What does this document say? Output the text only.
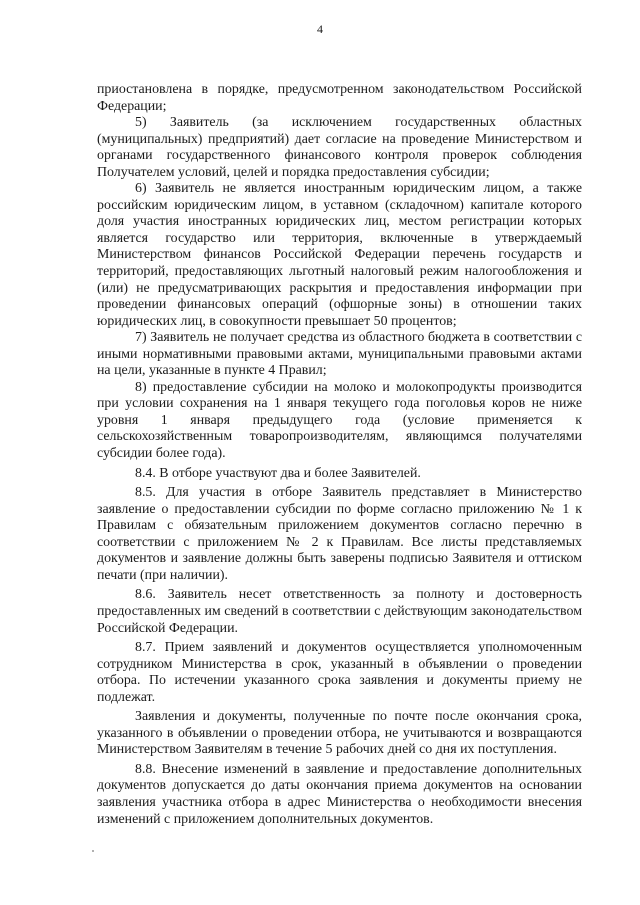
4

приостановлена в порядке, предусмотренном законодательством Российской Федерации;

5) Заявитель (за исключением государственных областных (муниципальных) предприятий) дает согласие на проведение Министерством и органами государственного финансового контроля проверок соблюдения Получателем условий, целей и порядка предоставления субсидии;

6) Заявитель не является иностранным юридическим лицом, а также российским юридическим лицом, в уставном (складочном) капитале которого доля участия иностранных юридических лиц, местом регистрации которых является государство или территория, включенные в утверждаемый Министерством финансов Российской Федерации перечень государств и территорий, предоставляющих льготный налоговый режим налогообложения и (или) не предусматривающих раскрытия и предоставления информации при проведении финансовых операций (офшорные зоны) в отношении таких юридических лиц, в совокупности превышает 50 процентов;

7) Заявитель не получает средства из областного бюджета в соответствии с иными нормативными правовыми актами, муниципальными правовыми актами на цели, указанные в пункте 4 Правил;

8) предоставление субсидии на молоко и молокопродукты производится при условии сохранения на 1 января текущего года поголовья коров не ниже уровня 1 января предыдущего года (условие применяется к сельскохозяйственным товаропроизводителям, являющимся получателями субсидии более года).

8.4. В отборе участвуют два и более Заявителей.

8.5. Для участия в отборе Заявитель представляет в Министерство заявление о предоставлении субсидии по форме согласно приложению № 1 к Правилам с обязательным приложением документов согласно перечню в соответствии с приложением № 2 к Правилам. Все листы представляемых документов и заявление должны быть заверены подписью Заявителя и оттиском печати (при наличии).

8.6. Заявитель несет ответственность за полноту и достоверность предоставленных им сведений в соответствии с действующим законодательством Российской Федерации.

8.7. Прием заявлений и документов осуществляется уполномоченным сотрудником Министерства в срок, указанный в объявлении о проведении отбора. По истечении указанного срока заявления и документы приему не подлежат.

Заявления и документы, полученные по почте после окончания срока, указанного в объявлении о проведении отбора, не учитываются и возвращаются Министерством Заявителям в течение 5 рабочих дней со дня их поступления.

8.8. Внесение изменений в заявление и предоставление дополнительных документов допускается до даты окончания приема документов на основании заявления участника отбора в адрес Министерства о необходимости внесения изменений с приложением дополнительных документов.
